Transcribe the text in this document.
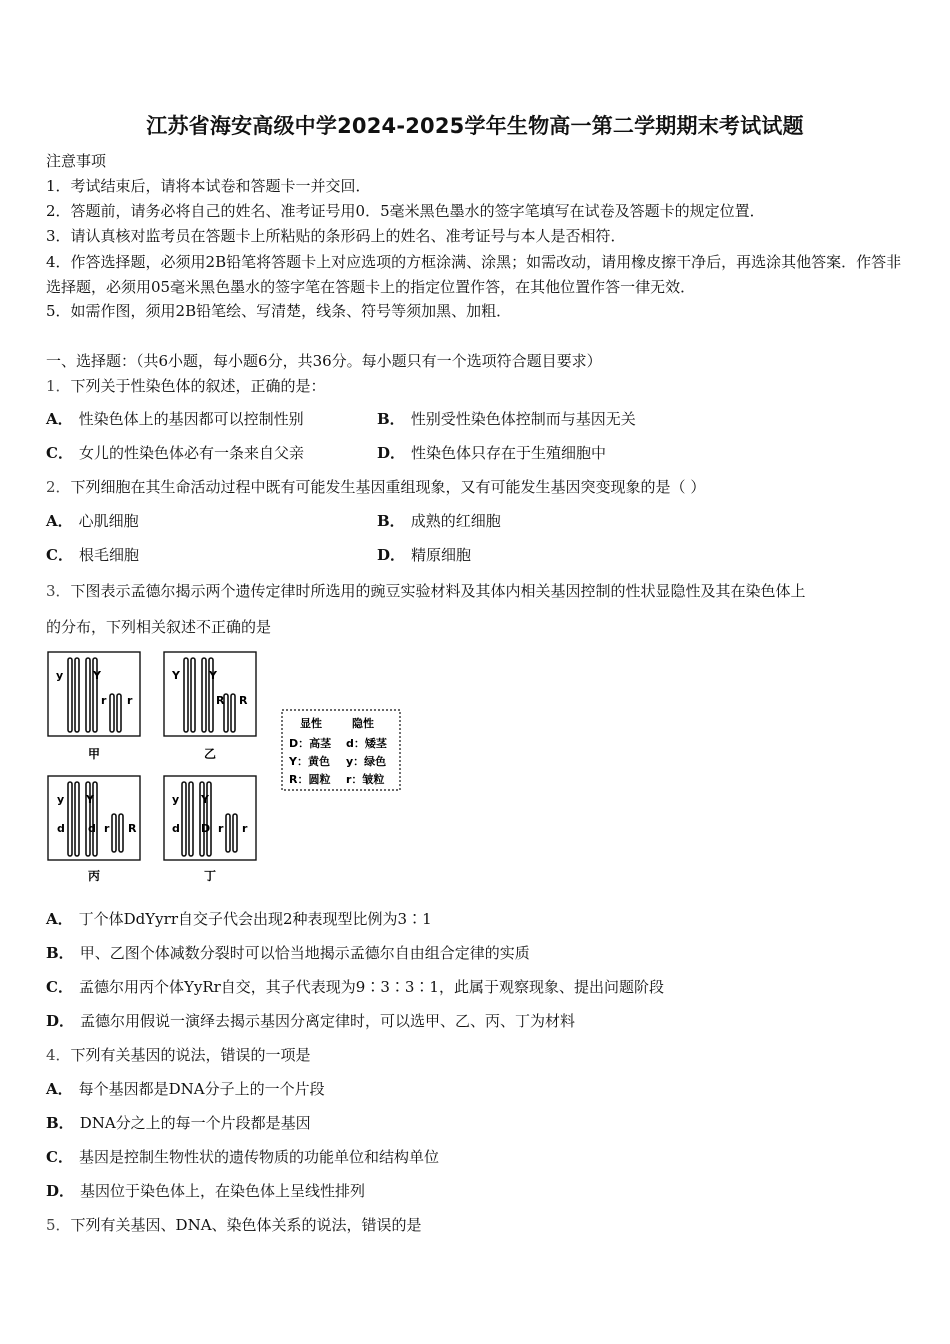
江苏省海安高级中学2024-2025学年生物高一第二学期期末考试试题
注意事项
1．考试结束后，请将本试卷和答题卡一并交回．
2．答题前，请务必将自己的姓名、准考证号用0．5毫米黑色墨水的签字笔填写在试卷及答题卡的规定位置．
3．请认真核对监考员在答题卡上所粘贴的条形码上的姓名、准考证号与本人是否相符．
4．作答选择题，必须用2B铅笔将答题卡上对应选项的方框涂满、涂黑；如需改动，请用橡皮擦干净后，再选涂其他答案．作答非选择题，必须用05毫米黑色墨水的签字笔在答题卡上的指定位置作答，在其他位置作答一律无效．
5．如需作图，须用2B铅笔绘、写清楚，线条、符号等须加黑、加粗．
一、选择题：（共6小题，每小题6分，共36分。每小题只有一个选项符合题目要求）
1．下列关于性染色体的叙述，正确的是：
A． 性染色体上的基因都可以控制性别	B． 性别受性染色体控制而与基因无关
C． 女儿的性染色体必有一条来自父亲	D． 性染色体只存在于生殖细胞中
2．下列细胞在其生命活动过程中既有可能发生基因重组现象，又有可能发生基因突变现象的是（ ）
A． 心肌细胞	B． 成熟的红细胞
C． 根毛细胞	D． 精原细胞
3．下图表示孟德尔揭示两个遗传定律时所选用的豌豆实验材料及其体内相关基因控制的性状显隐性及其在染色体上
的分布，下列相关叙述不正确的是
y	Y
r r
甲
Y	Y
R R
乙
y
d
Y
d r R
丙
y
d
Y
D r r
丁
显性	隐性
D：高茎 d：矮茎
Y：黄色 y：绿色
R：圆粒 r：皱粒
A． 丁个体DdYyrr自交子代会出现2种表现型比例为3∶1
B． 甲、乙图个体减数分裂时可以恰当地揭示孟德尔自由组合定律的实质
C． 孟德尔用丙个体YyRr自交，其子代表现为9∶3∶3∶1，此属于观察现象、提出问题阶段
D． 孟德尔用假说一演绎去揭示基因分离定律时，可以选甲、乙、丙、丁为材料
4．下列有关基因的说法，错误的一项是
A． 每个基因都是DNA分子上的一个片段
B． DNA分之上的每一个片段都是基因
C． 基因是控制生物性状的遗传物质的功能单位和结构单位
D． 基因位于染色体上，在染色体上呈线性排列
5．下列有关基因、DNA、染色体关系的说法，错误的是
